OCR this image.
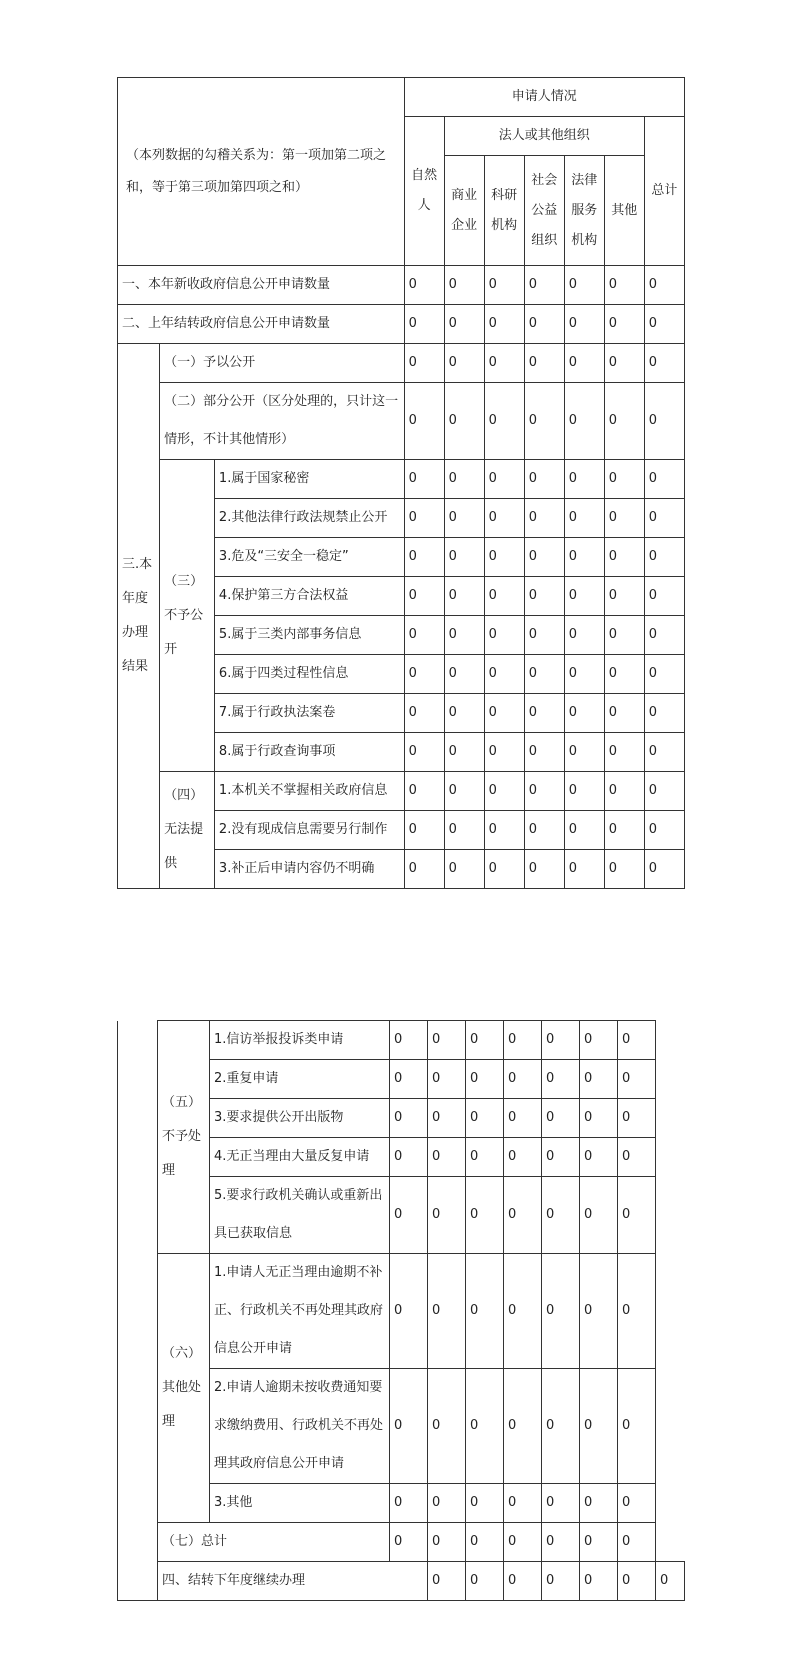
（本列数据的勾稽关系为：第一项加第二项之和，等于第三项加第四项之和）			申请人情况						
			自然人	法人或其他组织					总计
				商业企业	科研机构	社会公益组织	法律服务机构	其他	

一、本年新收政府信息公开申请数量			0	0	0	0	0	0	0
二、上年结转政府信息公开申请数量			0	0	0	0	0	0	0
三.本年度办理结果	（一）予以公开		0	0	0	0	0	0	0
	（二）部分公开（区分处理的，只计这一情形，不计其他情形）		0	0	0	0	0	0	0
	（三）不予公开	1.属于国家秘密	0	0	0	0	0	0	0
		2.其他法律行政法规禁止公开	0	0	0	0	0	0	0
		3.危及“三安全一稳定”	0	0	0	0	0	0	0
		4.保护第三方合法权益	0	0	0	0	0	0	0
		5.属于三类内部事务信息	0	0	0	0	0	0	0
		6.属于四类过程性信息	0	0	0	0	0	0	0
		7.属于行政执法案卷	0	0	0	0	0	0	0
		8.属于行政查询事项	0	0	0	0	0	0	0
	（四）无法提供	1.本机关不掌握相关政府信息	0	0	0	0	0	0	0
		2.没有现成信息需要另行制作	0	0	0	0	0	0	0
		3.补正后申请内容仍不明确	0	0	0	0	0	0	0
	（五）不予处理	1.信访举报投诉类申请	0	0	0	0	0	0	0	
		2.重复申请	0	0	0	0	0	0	0	
		3.要求提供公开出版物	0	0	0	0	0	0	0	
		4.无正当理由大量反复申请	0	0	0	0	0	0	0	
		5.要求行政机关确认或重新出具已获取信息	0	0	0	0	0	0	0	
	（六）其他处理	1.申请人无正当理由逾期不补正、行政机关不再处理其政府信息公开申请	0	0	0	0	0	0	0	
		2.申请人逾期未按收费通知要求缴纳费用、行政机关不再处理其政府信息公开申请	0	0	0	0	0	0	0	
		3.其他	0	0	0	0	0	0	0	
	（七）总计		0	0	0	0	0	0	0	
	四、结转下年度继续办理			0	0	0	0	0	0	0
